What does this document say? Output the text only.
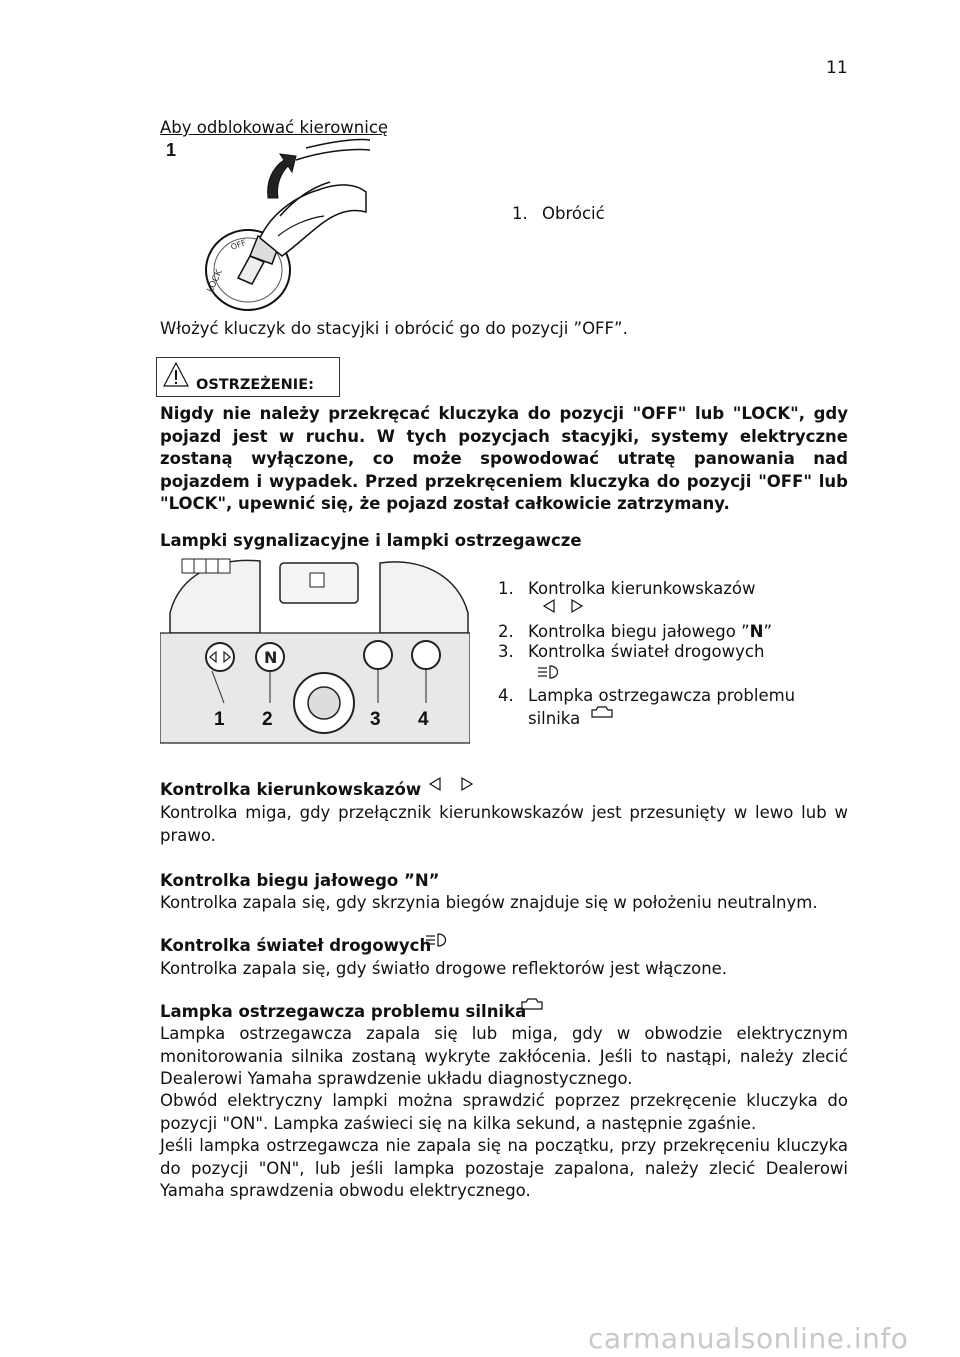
11
Aby odblokować kierownicę
1
LOCK
OFF
1. Obrócić
Włożyć kluczyk do stacyjki i obrócić go do pozycji ”OFF”.
OSTRZEŻENIE:
Nigdy nie należy przekręcać kluczyka do pozycji "OFF" lub "LOCK", gdy pojazd jest w ruchu. W tych pozycjach stacyjki, systemy elektryczne zostaną wyłączone, co może spowodować utratę panowania nad pojazdem i wypadek. Przed przekręceniem kluczyka do pozycji "OFF" lub "LOCK", upewnić się, że pojazd został całkowicie zatrzymany.
Lampki sygnalizacyjne i lampki ostrzegawcze
N
1 2	3 4
1. Kontrolka kierunkowskazów
2. Kontrolka biegu jałowego ”N”
3. Kontrolka świateł drogowych
4. Lampka ostrzegawcza problemu silnika
Kontrolka kierunkowskazów
Kontrolka miga, gdy przełącznik kierunkowskazów jest przesunięty w lewo lub w prawo.
Kontrolka biegu jałowego ”N”
Kontrolka zapala się, gdy skrzynia biegów znajduje się w położeniu neutralnym.
Kontrolka świateł drogowych
Kontrolka zapala się, gdy światło drogowe reflektorów jest włączone.
Lampka ostrzegawcza problemu silnika
Lampka ostrzegawcza zapala się lub miga, gdy w obwodzie elektrycznym monitorowania silnika zostaną wykryte zakłócenia. Jeśli to nastąpi, należy zlecić Dealerowi Yamaha sprawdzenie układu diagnostycznego.
Obwód elektryczny lampki można sprawdzić poprzez przekręcenie kluczyka do pozycji "ON". Lampka zaświeci się na kilka sekund, a następnie zgaśnie.
Jeśli lampka ostrzegawcza nie zapala się na początku, przy przekręceniu kluczyka do pozycji "ON", lub jeśli lampka pozostaje zapalona, należy zlecić Dealerowi Yamaha sprawdzenia obwodu elektrycznego.
carmanualsonline.info
